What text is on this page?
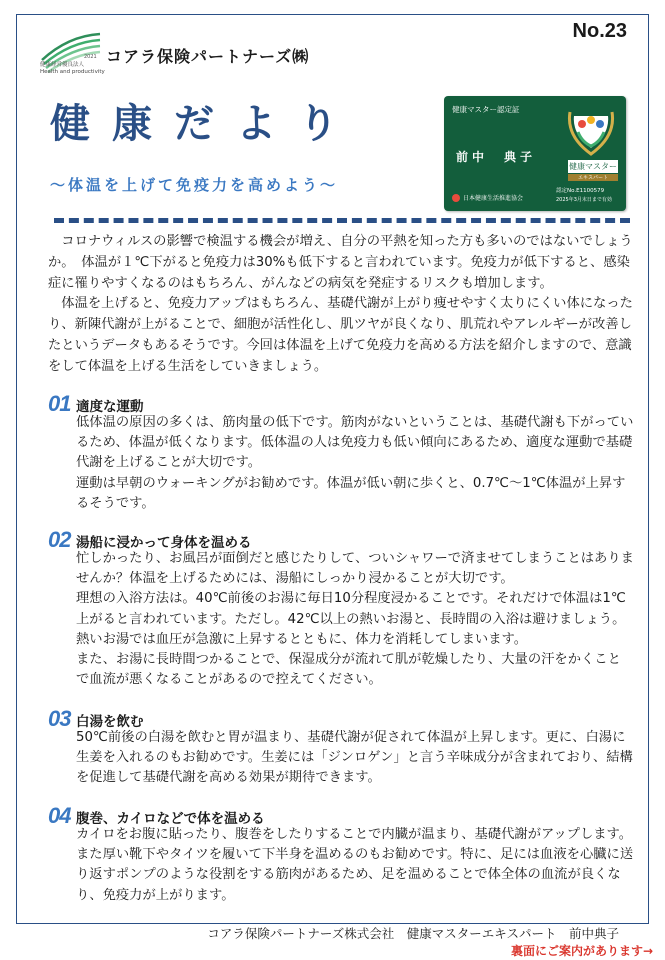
No.23
2021
健康経営優良法人
Health and productivity
コアラ保険パートナーズ㈱
健康だより
～体温を上げて免疫力を高めよう～
健康マスター認定証
前中　典子
健康マスター
エキスパート
認定No.E1100579
日本健康生活推進協会	2025年3月末日まで有効

コロナウィルスの影響で検温する機会が増え、自分の平熱を知った方も多いのではないでしょうか。　体温が１℃下がると免疫力は30%も低下すると言われています。免疫力が低下すると、感染症に罹りやすくなるのはもちろん、がんなどの病気を発症するリスクも増加します。

体温を上げると、免疫力アップはもちろん、基礎代謝が上がり痩せやすく太りにくい体になったり、新陳代謝が上がることで、細胞が活性化し、肌ツヤが良くなり、肌荒れやアレルギーが改善したというデータもあるそうです。今回は体温を上げて免疫力を高める方法を紹介しますので、意識をして体温を上げる生活をしていきましょう。

01 適度な運動

低体温の原因の多くは、筋肉量の低下です。筋肉がないということは、基礎代謝も下がっているため、体温が低くなります。低体温の人は免疫力も低い傾向にあるため、適度な運動で基礎代謝を上げることが大切です。

運動は早朝のウォーキングがお勧めです。体温が低い朝に歩くと、0.7℃～1℃体温が上昇するそうです。

02 湯船に浸かって身体を温める

忙しかったり、お風呂が面倒だと感じたりして、ついシャワーで済ませてしまうことはありませんか？体温を上げるためには、湯船にしっかり浸かることが大切です。

理想の入浴方法は。40℃前後のお湯に毎日10分程度浸かることです。それだけで体温は1℃上がると言われています。ただし。42℃以上の熱いお湯と、長時間の入浴は避けましょう。熱いお湯では血圧が急激に上昇するとともに、体力を消耗してしまいます。

また、お湯に長時間つかることで、保湿成分が流れて肌が乾燥したり、大量の汗をかくことで血流が悪くなることがあるので控えてください。

03 白湯を飲む

50℃前後の白湯を飲むと胃が温まり、基礎代謝が促されて体温が上昇します。更に、白湯に生姜を入れるのもお勧めです。生姜には「ジンロゲン」と言う辛味成分が含まれており、結構を促進して基礎代謝を高める効果が期待できます。

04 腹巻、カイロなどで体を温める

カイロをお腹に貼ったり、腹巻をしたりすることで内臓が温まり、基礎代謝がアップします。また厚い靴下やタイツを履いて下半身を温めるのもお勧めです。特に、足には血液を心臓に送り返すポンプのような役割をする筋肉があるため、足を温めることで体全体の血流が良くなり、免疫力が上がります。

コアラ保険パートナーズ株式会社　健康マスターエキスパート　前中典子
裏面にご案内があります→
